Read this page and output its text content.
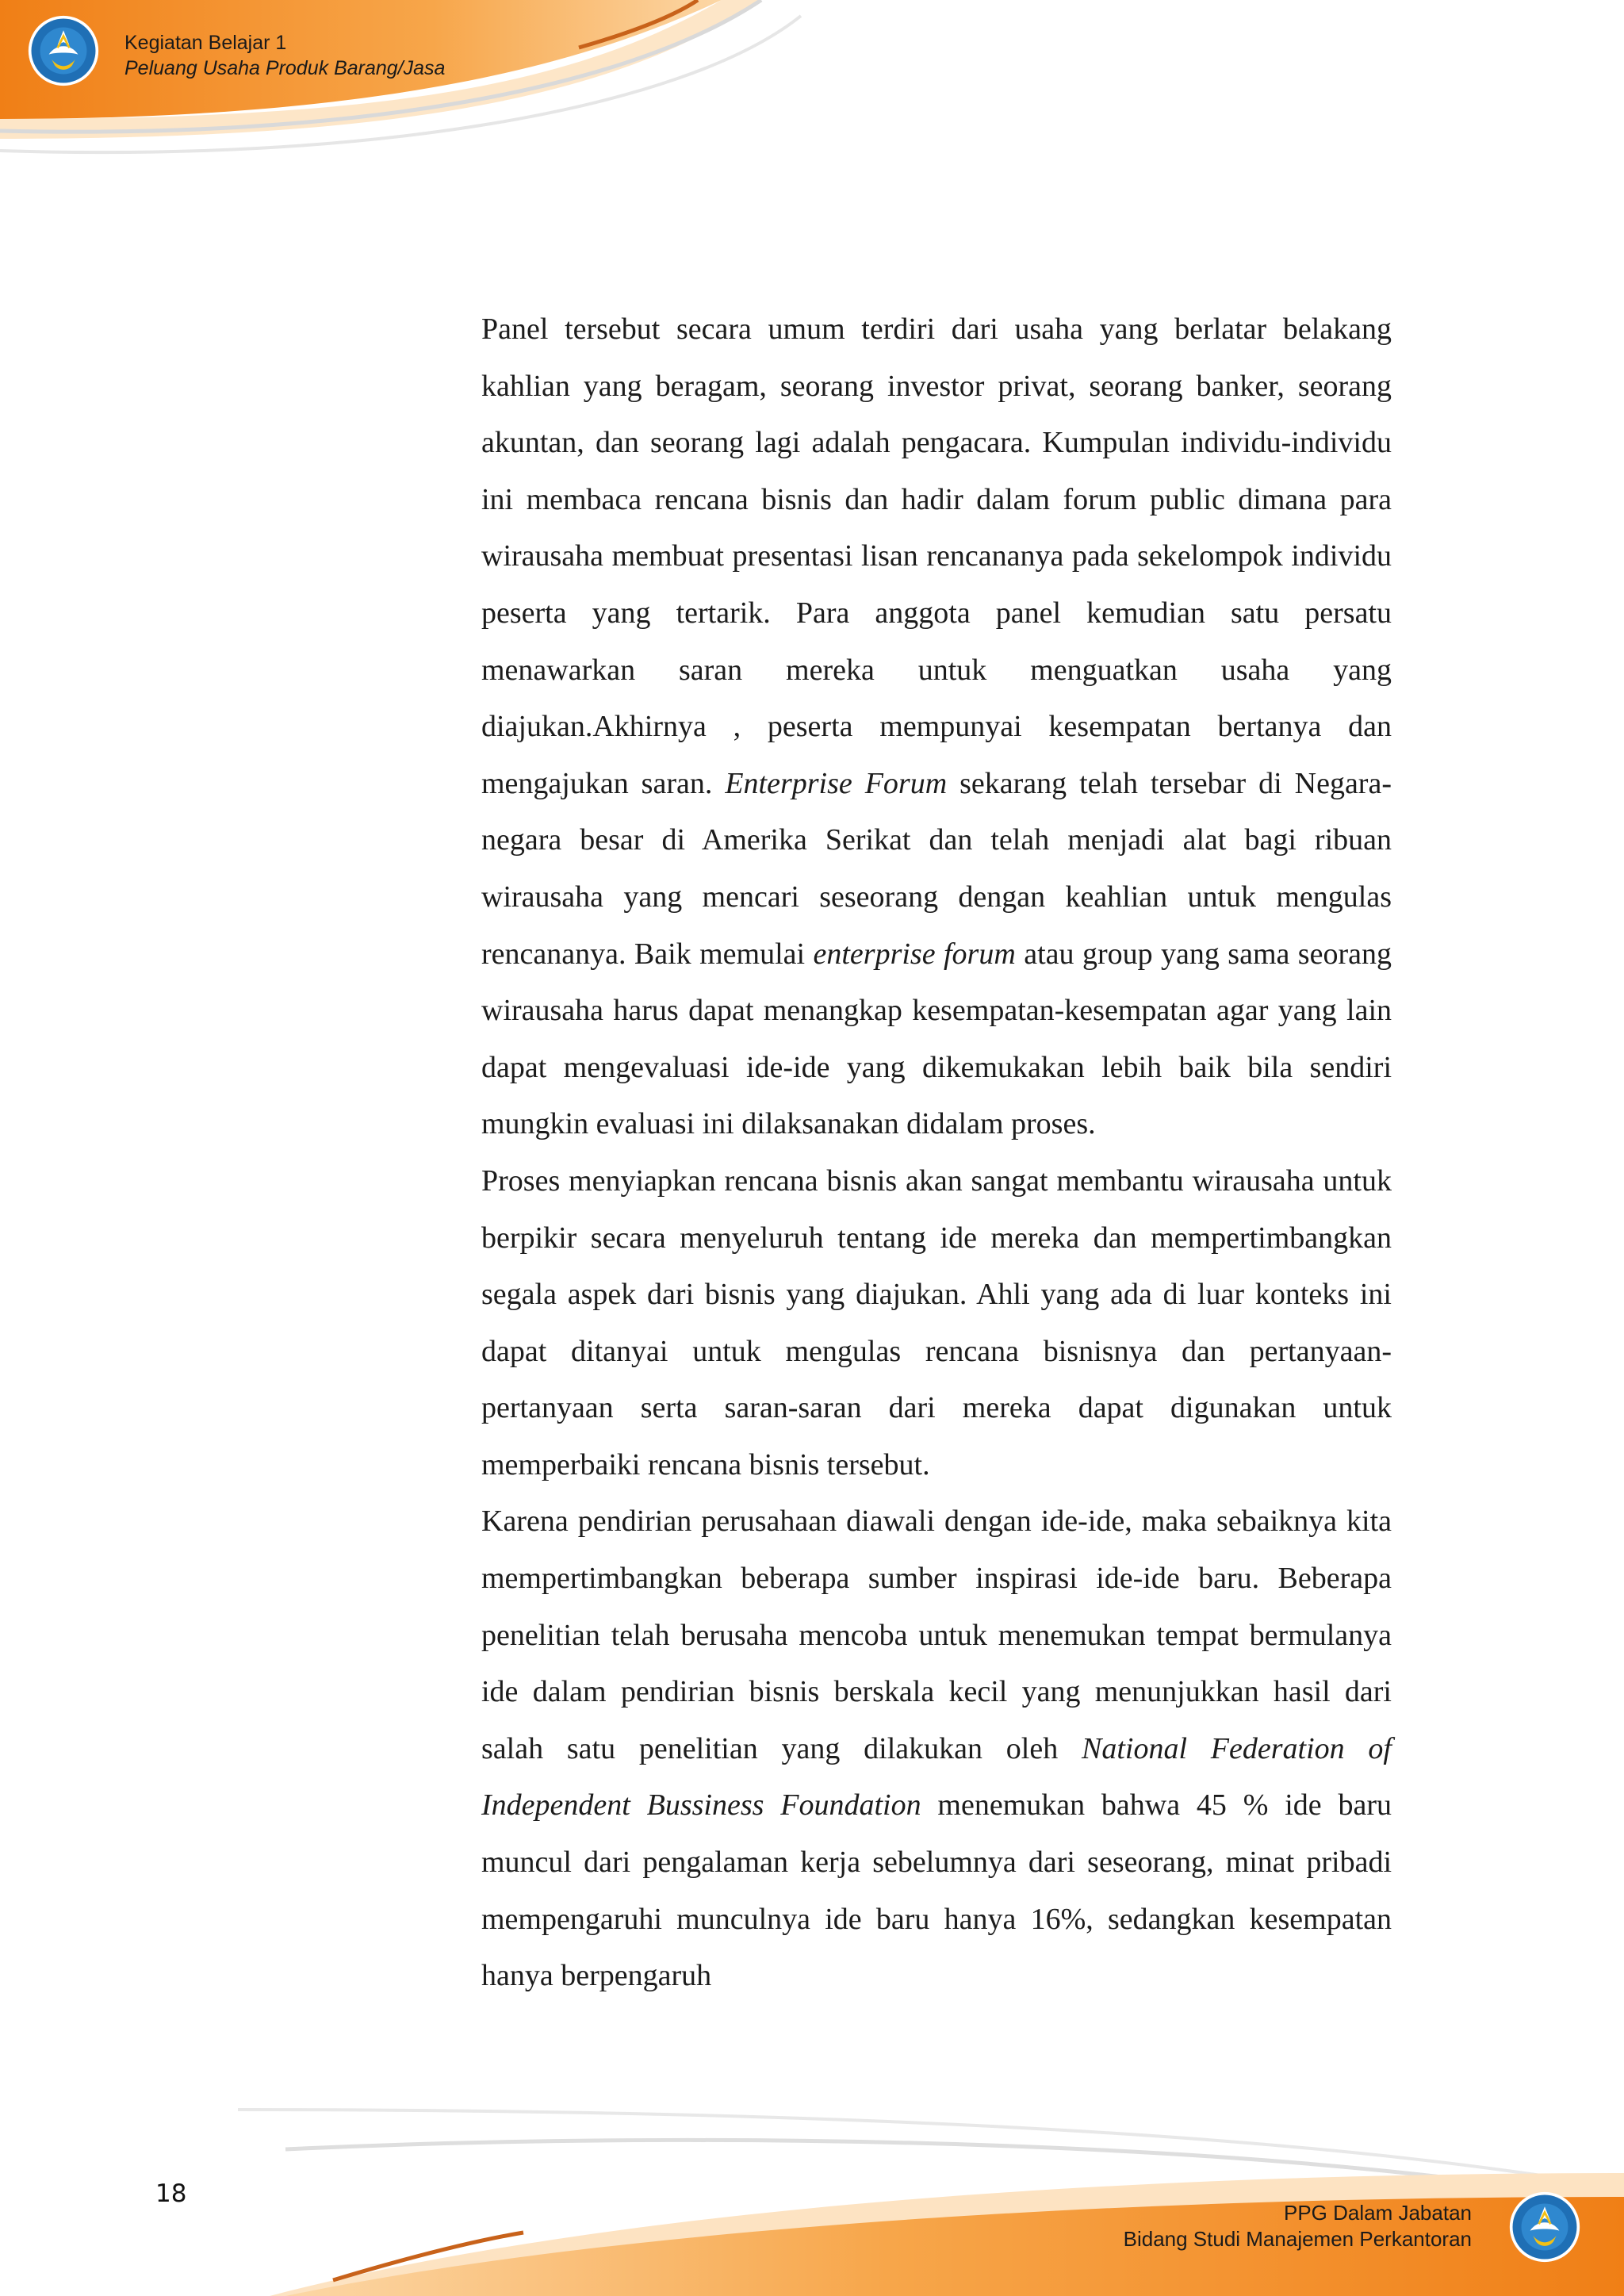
Kegiatan Belajar 1
Peluang Usaha Produk Barang/Jasa

Panel tersebut secara umum terdiri dari usaha yang berlatar belakang kahlian yang beragam, seorang investor privat, seorang banker, seorang akuntan, dan seorang lagi adalah pengacara. Kumpulan individu-individu ini membaca rencana bisnis dan hadir dalam forum public dimana para wirausaha membuat presentasi lisan rencananya pada sekelompok individu peserta yang tertarik. Para anggota panel kemudian satu persatu menawarkan saran mereka untuk menguatkan usaha yang diajukan.Akhirnya , peserta mempunyai kesempatan bertanya dan mengajukan saran. Enterprise Forum sekarang telah tersebar di Negara-negara besar di Amerika Serikat dan telah menjadi alat bagi ribuan wirausaha yang mencari seseorang dengan keahlian untuk mengulas rencananya. Baik memulai enterprise forum atau group yang sama seorang wirausaha harus dapat menangkap kesempatan-kesempatan agar yang lain dapat mengevaluasi ide-ide yang dikemukakan lebih baik bila sendiri mungkin evaluasi ini dilaksanakan didalam proses.

Proses menyiapkan rencana bisnis akan sangat membantu wirausaha untuk berpikir secara menyeluruh tentang ide mereka dan mempertimbangkan segala aspek dari bisnis yang diajukan. Ahli yang ada di luar konteks ini dapat ditanyai untuk mengulas rencana bisnisnya dan pertanyaan-pertanyaan serta saran-saran dari mereka dapat digunakan untuk memperbaiki rencana bisnis tersebut.

Karena pendirian perusahaan diawali dengan ide-ide, maka sebaiknya kita mempertimbangkan beberapa sumber inspirasi ide-ide baru. Beberapa penelitian telah berusaha mencoba untuk menemukan tempat bermulanya ide dalam pendirian bisnis berskala kecil yang menunjukkan hasil dari salah satu penelitian yang dilakukan oleh National Federation of Independent Bussiness Foundation menemukan bahwa 45 % ide baru muncul dari pengalaman kerja sebelumnya dari seseorang, minat pribadi mempengaruhi munculnya ide baru hanya 16%, sedangkan kesempatan hanya berpengaruh

18
PPG Dalam Jabatan
Bidang Studi Manajemen Perkantoran
